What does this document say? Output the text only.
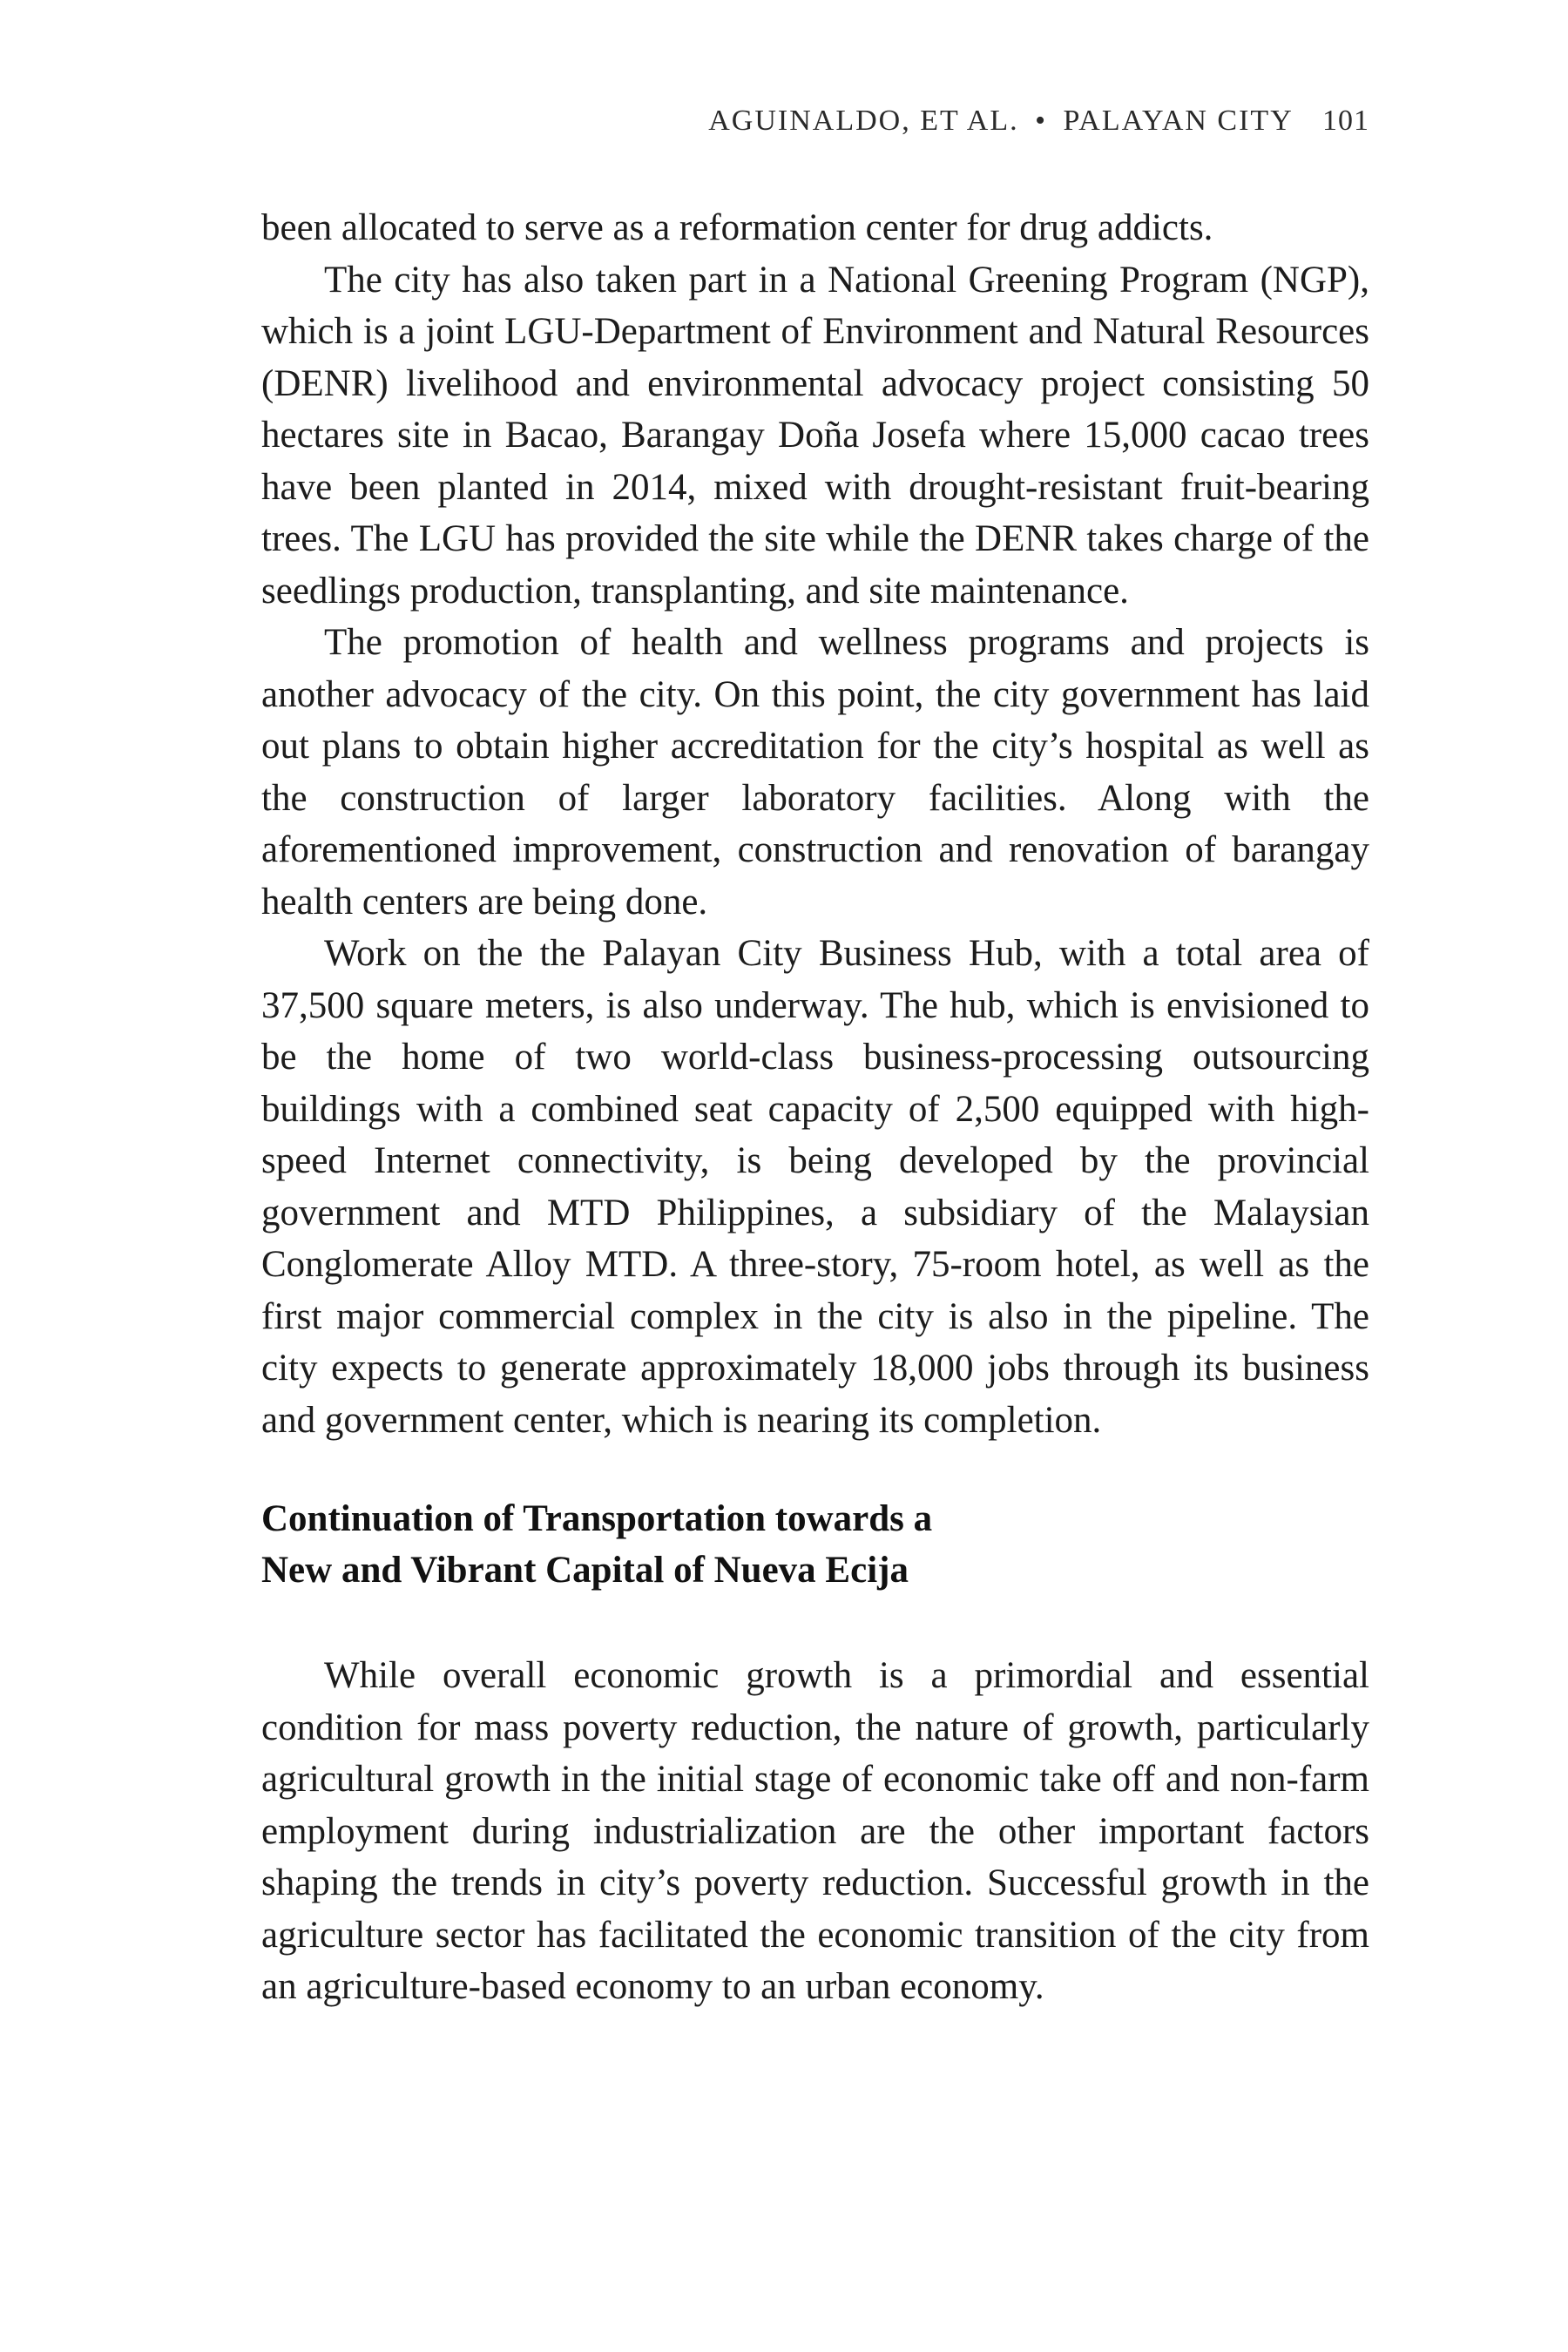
AGUINALDO, ET AL. • PALAYAN CITY 101

been allocated to serve as a reformation center for drug addicts.

The city has also taken part in a National Greening Program (NGP), which is a joint LGU-Department of Environment and Natural Resources (DENR) livelihood and environmental advocacy project consisting 50 hectares site in Bacao, Barangay Doña Josefa where 15,000 cacao trees have been planted in 2014, mixed with drought-resistant fruit-bearing trees. The LGU has provided the site while the DENR takes charge of the seedlings production, transplanting, and site maintenance.

The promotion of health and wellness programs and projects is another advocacy of the city. On this point, the city government has laid out plans to obtain higher accreditation for the city’s hospital as well as the construction of larger laboratory facilities. Along with the aforementioned improvement, construction and renovation of barangay health centers are being done.

Work on the the Palayan City Business Hub, with a total area of 37,500 square meters, is also underway. The hub, which is envisioned to be the home of two world-class business-processing outsourcing buildings with a combined seat capacity of 2,500 equipped with high-speed Internet connectivity, is being developed by the provincial government and MTD Philippines, a subsidiary of the Malaysian Conglomerate Alloy MTD. A three-story, 75-room hotel, as well as the first major commercial complex in the city is also in the pipeline. The city expects to generate approximately 18,000 jobs through its business and government center, which is nearing its completion.

Continuation of Transportation towards a
New and Vibrant Capital of Nueva Ecija

While overall economic growth is a primordial and essential condition for mass poverty reduction, the nature of growth, particularly agricultural growth in the initial stage of economic take off and non-farm employment during industrialization are the other important factors shaping the trends in city’s poverty reduction. Successful growth in the agriculture sector has facilitated the economic transition of the city from an agriculture-based economy to an urban economy.
